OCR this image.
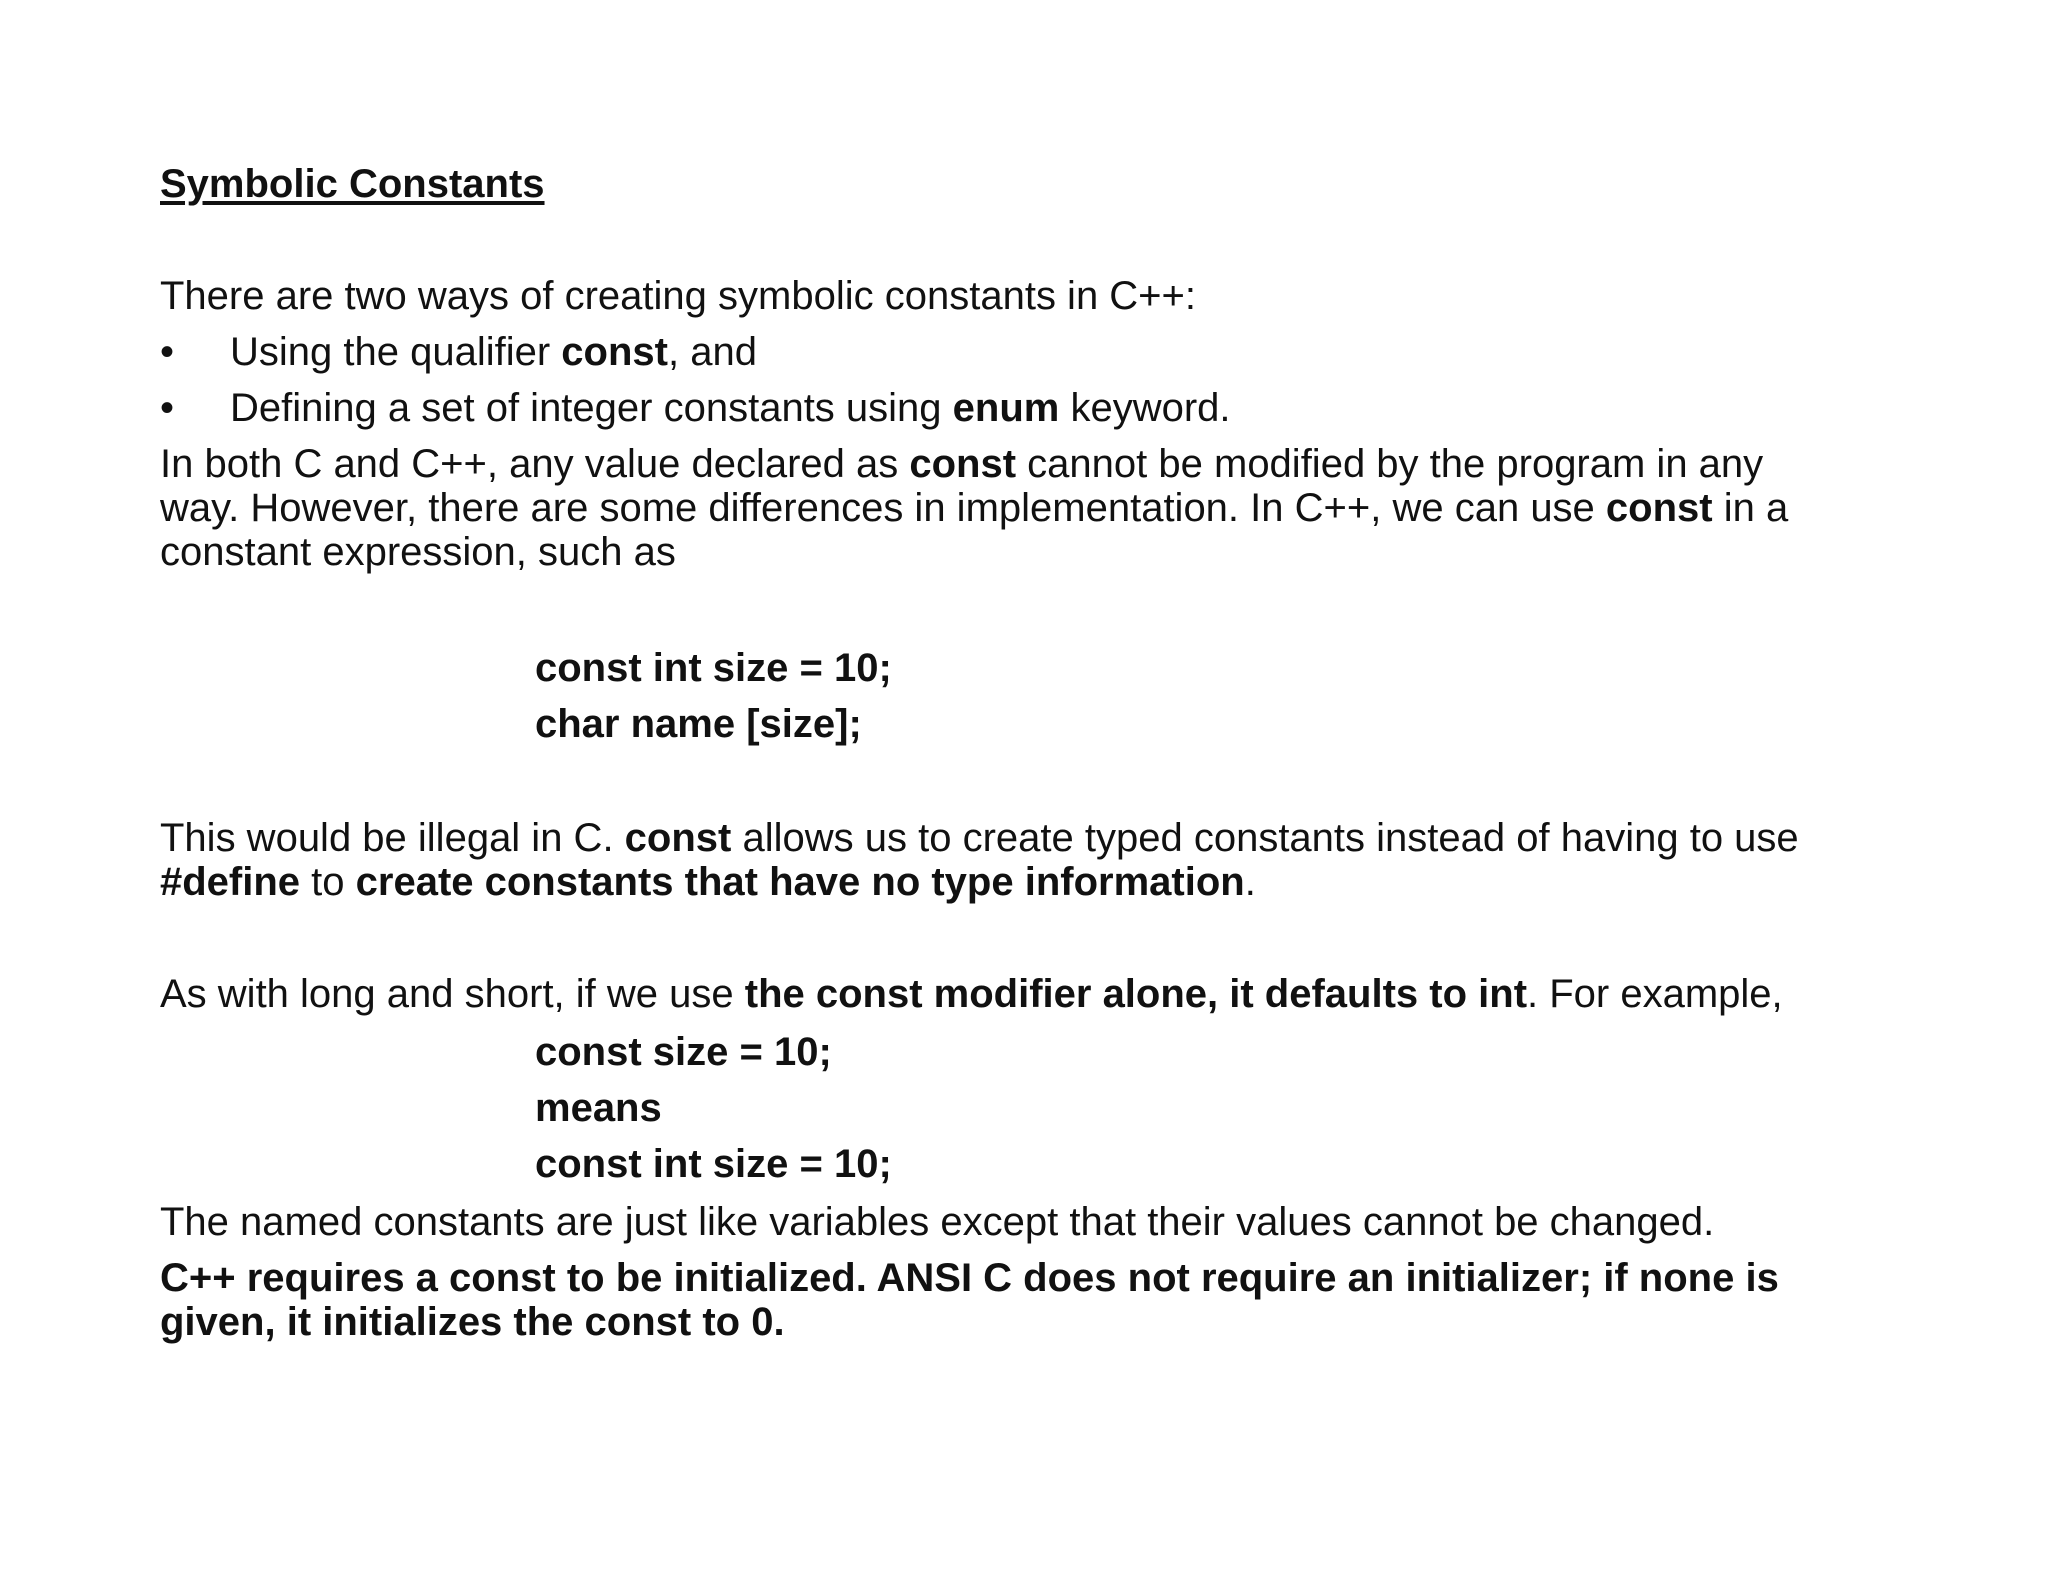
Symbolic Constants
There are two ways of creating symbolic constants in C++:
• Using the qualifier const, and
• Defining a set of integer constants using enum keyword.
In both C and C++, any value declared as const cannot be modified by the program in any
way. However, there are some differences in implementation. In C++, we can use const in a
constant expression, such as
const int size = 10;
char name [size];
This would be illegal in C. const allows us to create typed constants instead of having to use
#define to create constants that have no type information.
As with long and short, if we use the const modifier alone, it defaults to int. For example,
const size = 10;
means
const int size = 10;
The named constants are just like variables except that their values cannot be changed.
C++ requires a const to be initialized. ANSI C does not require an initializer; if none is
given, it initializes the const to 0.
